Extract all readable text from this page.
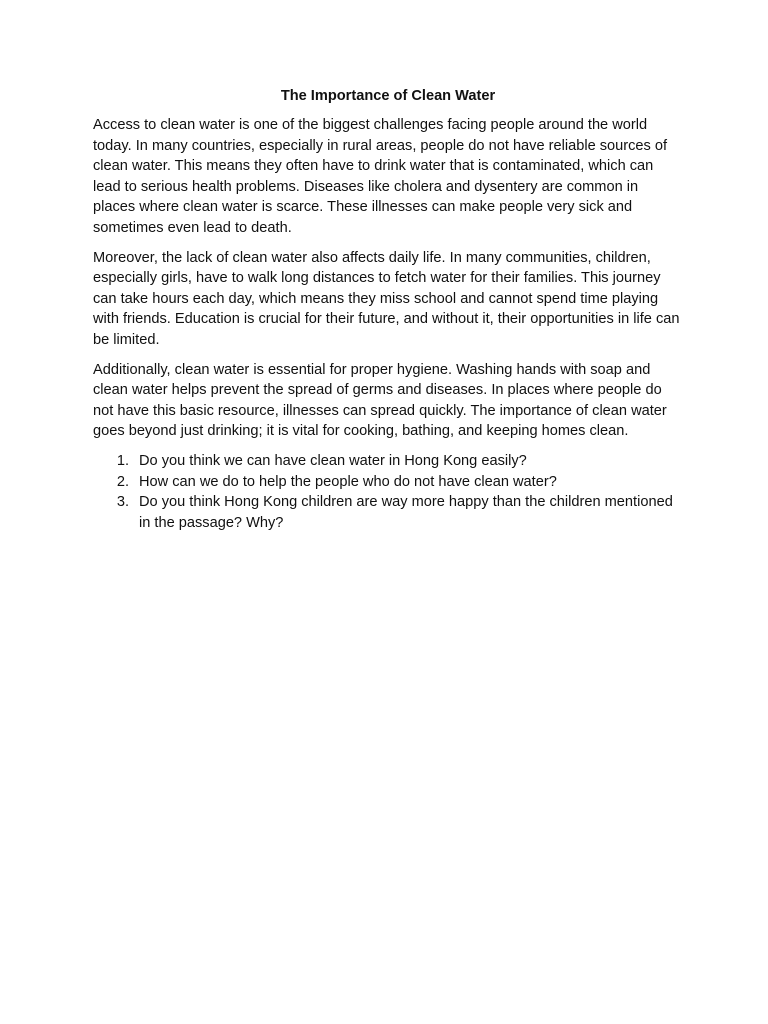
The Importance of Clean Water

Access to clean water is one of the biggest challenges facing people around the world today. In many countries, especially in rural areas, people do not have reliable sources of clean water. This means they often have to drink water that is contaminated, which can lead to serious health problems. Diseases like cholera and dysentery are common in places where clean water is scarce. These illnesses can make people very sick and sometimes even lead to death.

Moreover, the lack of clean water also affects daily life. In many communities, children, especially girls, have to walk long distances to fetch water for their families. This journey can take hours each day, which means they miss school and cannot spend time playing with friends. Education is crucial for their future, and without it, their opportunities in life can be limited.

Additionally, clean water is essential for proper hygiene. Washing hands with soap and clean water helps prevent the spread of germs and diseases. In places where people do not have this basic resource, illnesses can spread quickly. The importance of clean water goes beyond just drinking; it is vital for cooking, bathing, and keeping homes clean.

1. Do you think we can have clean water in Hong Kong easily?
2. How can we do to help the people who do not have clean water?
3. Do you think Hong Kong children are way more happy than the children mentioned in the passage? Why?
